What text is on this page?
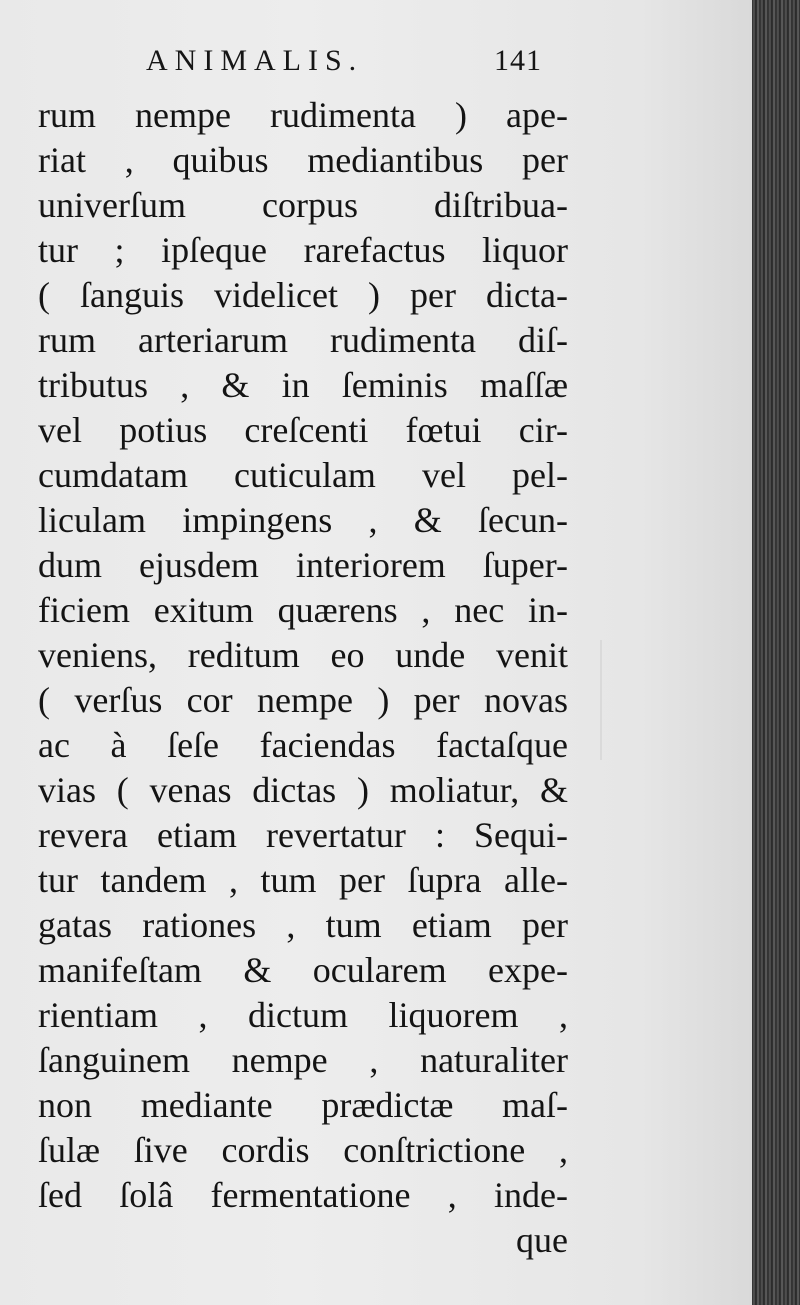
ANIMALIS.	141
rum nempe rudimenta ) ape-
riat , quibus mediantibus per
univerſum corpus diſtribua-
tur ; ipſeque rarefactus liquor
( ſanguis videlicet ) per dicta-
rum arteriarum rudimenta diſ-
tributus , & in ſeminis maſſæ
vel potius creſcenti fœtui cir-
cumdatam cuticulam vel pel-
liculam impingens , & ſecun-
dum ejusdem interiorem ſuper-
ficiem exitum quærens , nec in-
veniens, reditum eo unde venit
( verſus cor nempe ) per novas
ac à ſeſe faciendas factaſque
vias ( venas dictas ) moliatur, &
revera etiam revertatur : Sequi-
tur tandem , tum per ſupra alle-
gatas rationes , tum etiam per
manifeſtam & ocularem expe-
rientiam , dictum liquorem ,
ſanguinem nempe , naturaliter
non mediante prædictæ maſ-
ſulæ ſive cordis conſtrictione ,
ſed ſolâ fermentatione , inde-
que
